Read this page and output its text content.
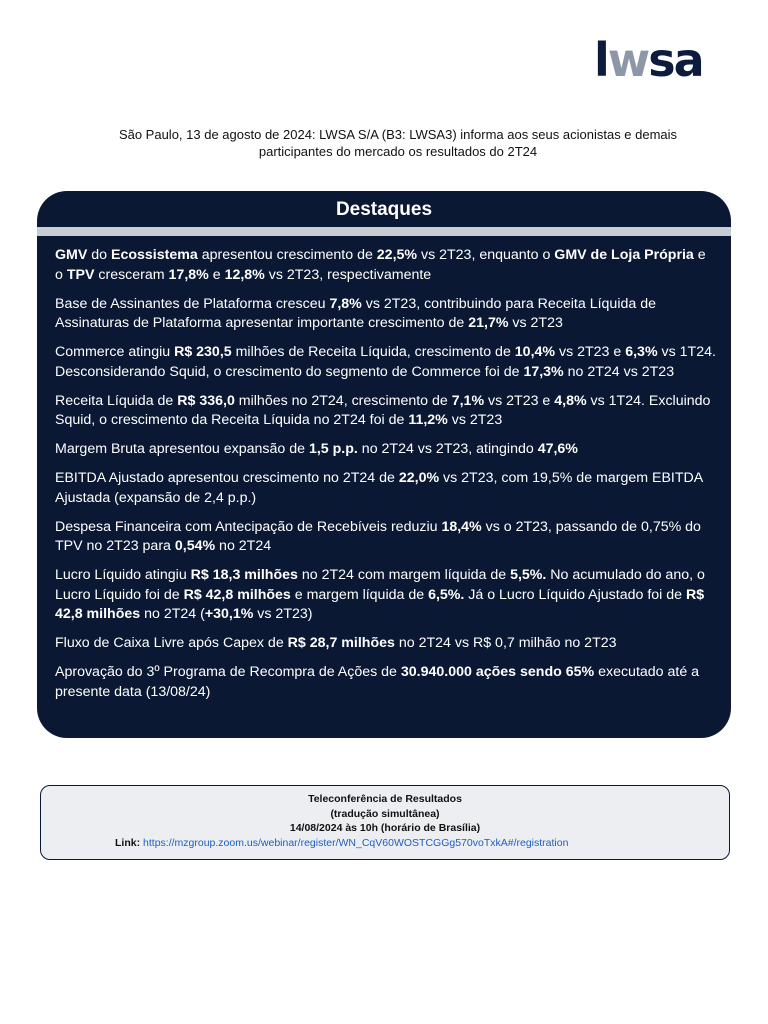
lwsa
São Paulo, 13 de agosto de 2024: LWSA S/A (B3: LWSA3) informa aos seus acionistas e demais
participantes do mercado os resultados do 2T24
Destaques
GMV do Ecossistema apresentou crescimento de 22,5% vs 2T23, enquanto o GMV de Loja Própria e o TPV cresceram 17,8% e 12,8% vs 2T23, respectivamente
Base de Assinantes de Plataforma cresceu 7,8% vs 2T23, contribuindo para Receita Líquida de Assinaturas de Plataforma apresentar importante crescimento de 21,7% vs 2T23
Commerce atingiu R$ 230,5 milhões de Receita Líquida, crescimento de 10,4% vs 2T23 e 6,3% vs 1T24. Desconsiderando Squid, o crescimento do segmento de Commerce foi de 17,3% no 2T24 vs 2T23
Receita Líquida de R$ 336,0 milhões no 2T24, crescimento de 7,1% vs 2T23 e 4,8% vs 1T24. Excluindo Squid, o crescimento da Receita Líquida no 2T24 foi de 11,2% vs 2T23
Margem Bruta apresentou expansão de 1,5 p.p. no 2T24 vs 2T23, atingindo 47,6%
EBITDA Ajustado apresentou crescimento no 2T24 de 22,0% vs 2T23, com 19,5% de margem EBITDA Ajustada (expansão de 2,4 p.p.)
Despesa Financeira com Antecipação de Recebíveis reduziu 18,4% vs o 2T23, passando de 0,75% do TPV no 2T23 para 0,54% no 2T24
Lucro Líquido atingiu R$ 18,3 milhões no 2T24 com margem líquida de 5,5%. No acumulado do ano, o Lucro Líquido foi de R$ 42,8 milhões e margem líquida de 6,5%. Já o Lucro Líquido Ajustado foi de R$ 42,8 milhões no 2T24 (+30,1% vs 2T23)
Fluxo de Caixa Livre após Capex de R$ 28,7 milhões no 2T24 vs R$ 0,7 milhão no 2T23
Aprovação do 3º Programa de Recompra de Ações de 30.940.000 ações sendo 65% executado até a presente data (13/08/24)
Teleconferência de Resultados
(tradução simultânea)
14/08/2024 às 10h (horário de Brasília)
Link: https://mzgroup.zoom.us/webinar/register/WN_CqV60WOSTCGGg570voTxkA#/registration
